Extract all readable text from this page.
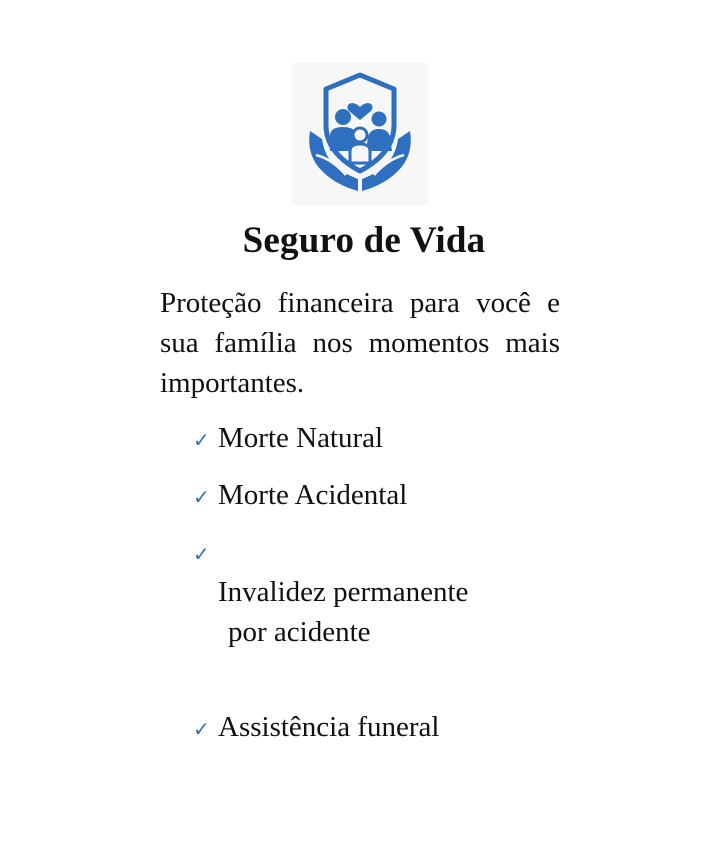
Seguro de Vida
Proteção financeira para você e sua família nos momentos mais importantes.
✓ Morte Natural
✓ Morte Acidental
✓

Invalidez permanente

por acidente

✓ Assistência funeral
